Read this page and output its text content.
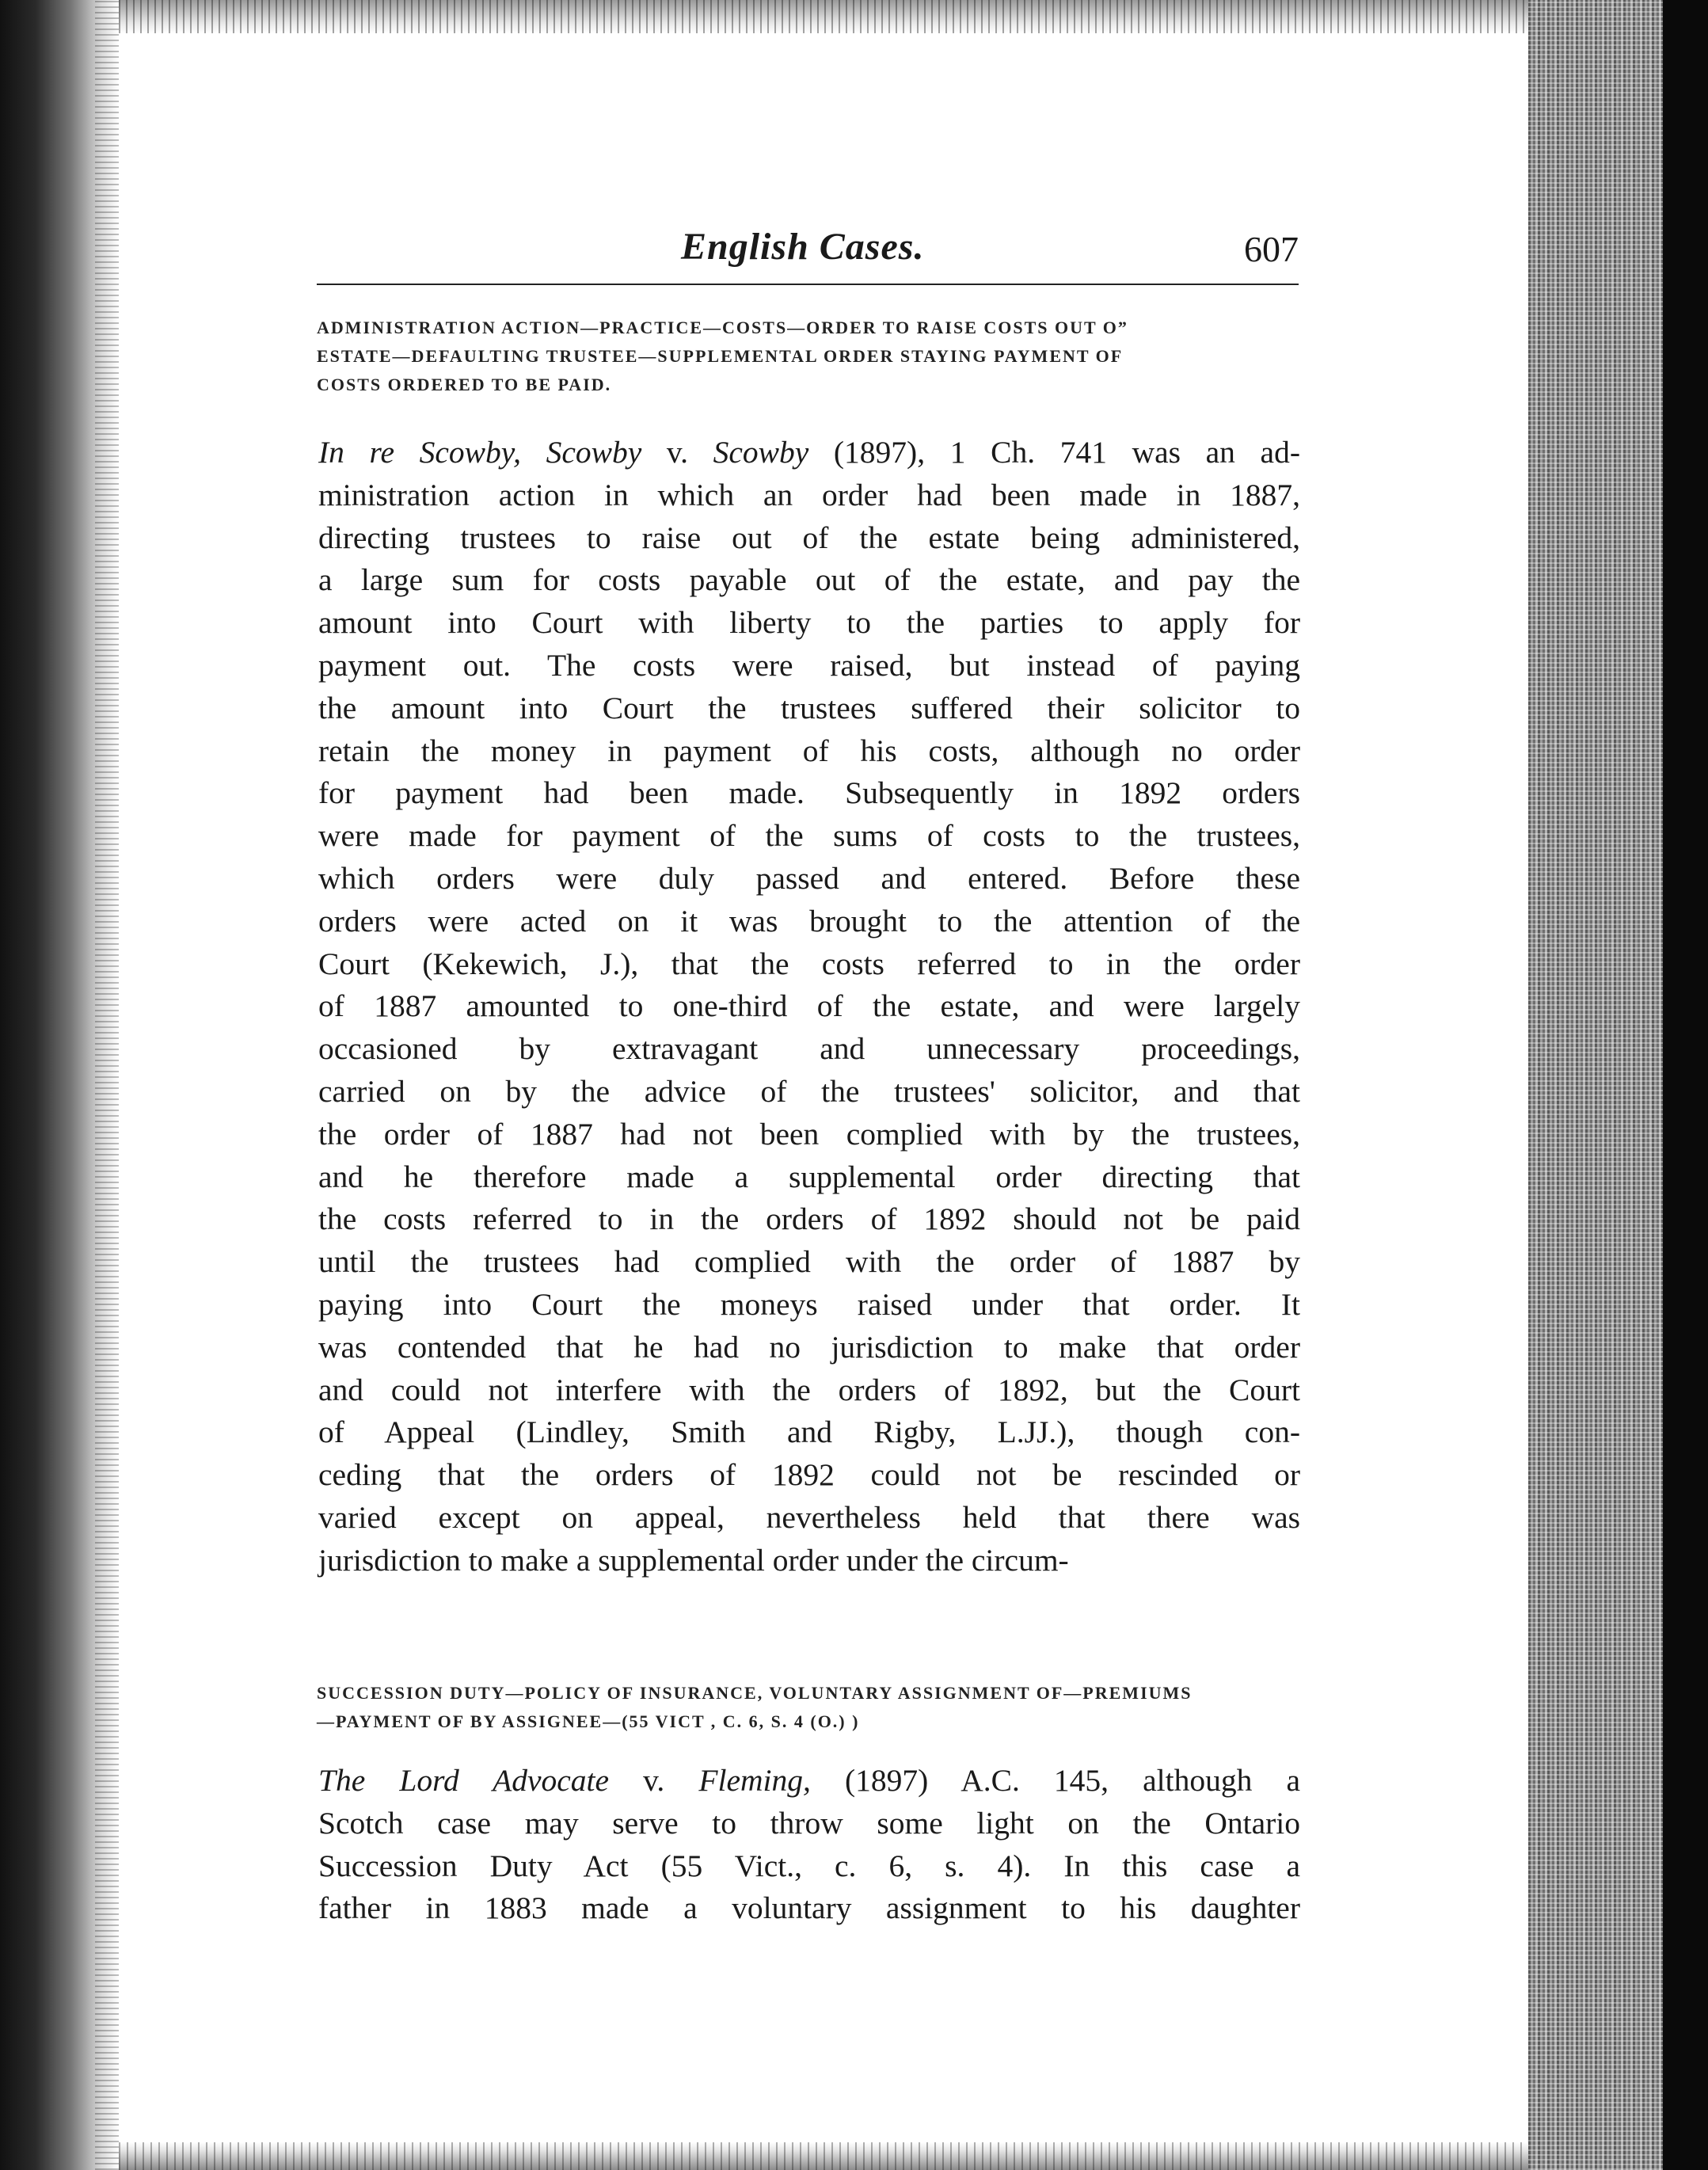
English Cases.	607
ADMINISTRATION ACTION—PRACTICE—COSTS—ORDER TO RAISE COSTS OUT O”
ESTATE—DEFAULTING TRUSTEE—SUPPLEMENTAL ORDER STAYING PAYMENT OF
COSTS ORDERED TO BE PAID.
In re Scowby, Scowby v. Scowby (1897), 1 Ch. 741 was an ad-
ministration action in which an order had been made in 1887,
directing trustees to raise out of the estate being administered,
a large sum for costs payable out of the estate, and pay the
amount into Court with liberty to the parties to apply for
payment out. The costs were raised, but instead of paying
the amount into Court the trustees suffered their solicitor to
retain the money in payment of his costs, although no order
for payment had been made. Subsequently in 1892 orders
were made for payment of the sums of costs to the trustees,
which orders were duly passed and entered. Before these
orders were acted on it was brought to the attention of the
Court (Kekewich, J.), that the costs referred to in the order
of 1887 amounted to one-third of the estate, and were largely
occasioned by extravagant and unnecessary proceedings,
carried on by the advice of the trustees' solicitor, and that
the order of 1887 had not been complied with by the trustees,
and he therefore made a supplemental order directing that
the costs referred to in the orders of 1892 should not be paid
until the trustees had complied with the order of 1887 by
paying into Court the moneys raised under that order. It
was contended that he had no jurisdiction to make that order
and could not interfere with the orders of 1892, but the Court
of Appeal (Lindley, Smith and Rigby, L.JJ.), though con-
ceding that the orders of 1892 could not be rescinded or
varied except on appeal, nevertheless held that there was
jurisdiction to make a supplemental order under the circum-
SUCCESSION DUTY—POLICY OF INSURANCE, VOLUNTARY ASSIGNMENT OF—PREMIUMS
—PAYMENT OF BY ASSIGNEE—(55 VICT , C. 6, S. 4 (O.) )
The Lord Advocate v. Fleming, (1897) A.C. 145, although a
Scotch case may serve to throw some light on the Ontario
Succession Duty Act (55 Vict., c. 6, s. 4). In this case a
father in 1883 made a voluntary assignment to his daughter
